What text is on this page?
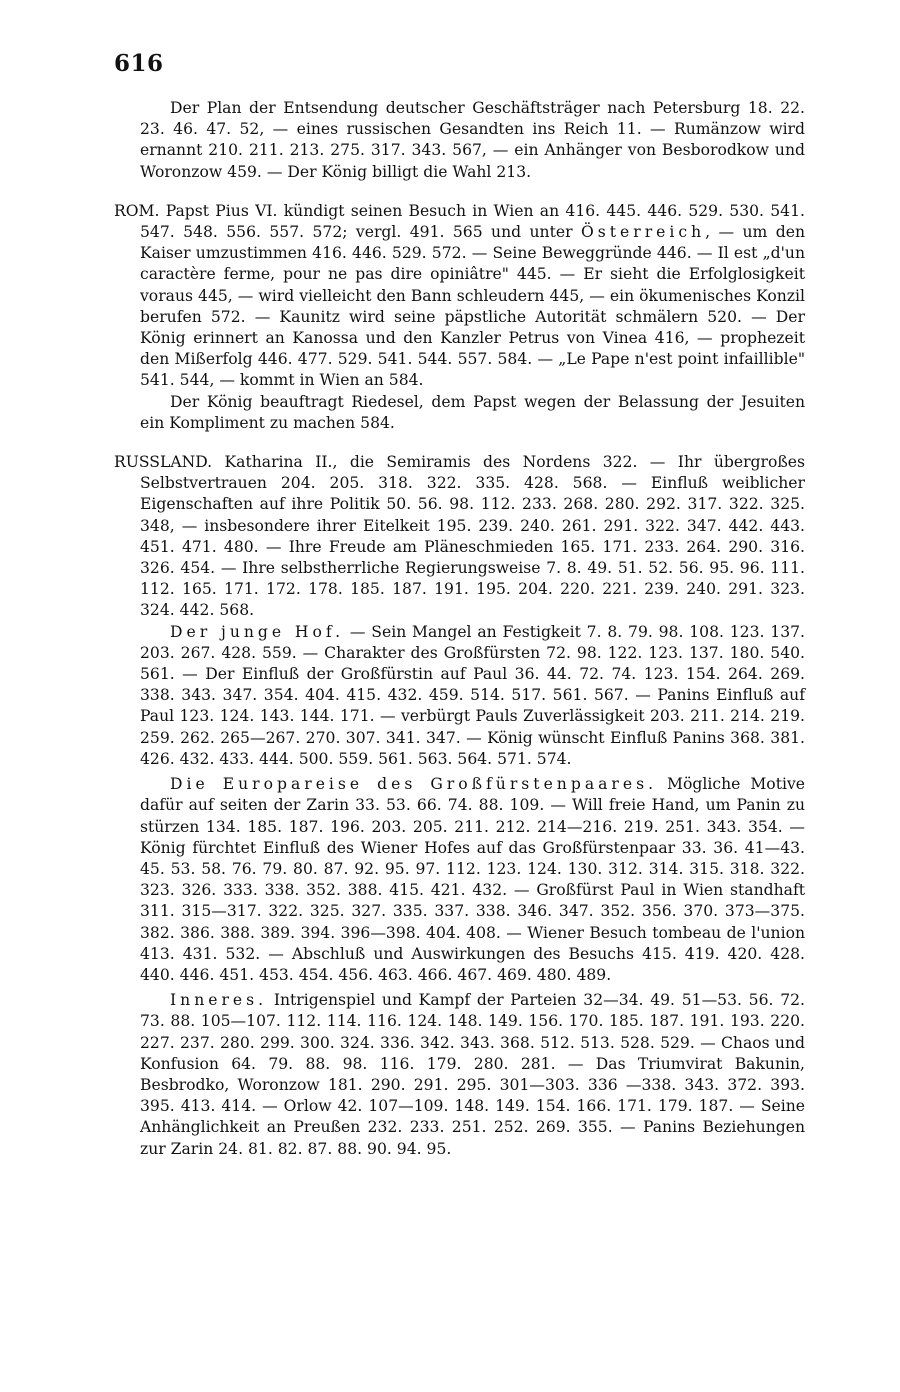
616

Der Plan der Entsendung deutscher Geschäftsträger nach Petersburg 18. 22. 23. 46. 47. 52, — eines russischen Gesandten ins Reich 11. — Rumänzow wird ernannt 210. 211. 213. 275. 317. 343. 567, — ein Anhänger von Besborodkow und Woronzow 459. — Der König billigt die Wahl 213.

ROM. Papst Pius VI. kündigt seinen Besuch in Wien an 416. 445. 446. 529. 530. 541. 547. 548. 556. 557. 572; vergl. 491. 565 und unter Österreich, — um den Kaiser umzustimmen 416. 446. 529. 572. — Seine Beweggründe 446. — Il est „d'un caractère ferme, pour ne pas dire opiniâtre" 445. — Er sieht die Erfolglosigkeit voraus 445, — wird vielleicht den Bann schleudern 445, — ein ökumenisches Konzil berufen 572. — Kaunitz wird seine päpstliche Autorität schmälern 520. — Der König erinnert an Kanossa und den Kanzler Petrus von Vinea 416, — prophezeit den Mißerfolg 446. 477. 529. 541. 544. 557. 584. — „Le Pape n'est point infaillible" 541. 544, — kommt in Wien an 584.

Der König beauftragt Riedesel, dem Papst wegen der Belassung der Jesuiten ein Kompliment zu machen 584.

RUSSLAND. Katharina II., die Semiramis des Nordens 322. — Ihr übergroßes Selbstvertrauen 204. 205. 318. 322. 335. 428. 568. — Einfluß weiblicher Eigenschaften auf ihre Politik 50. 56. 98. 112. 233. 268. 280. 292. 317. 322. 325. 348, — insbesondere ihrer Eitelkeit 195. 239. 240. 261. 291. 322. 347. 442. 443. 451. 471. 480. — Ihre Freude am Pläneschmieden 165. 171. 233. 264. 290. 316. 326. 454. — Ihre selbstherrliche Regierungsweise 7. 8. 49. 51. 52. 56. 95. 96. 111. 112. 165. 171. 172. 178. 185. 187. 191. 195. 204. 220. 221. 239. 240. 291. 323. 324. 442. 568.

Der junge Hof. — Sein Mangel an Festigkeit 7. 8. 79. 98. 108. 123. 137. 203. 267. 428. 559. — Charakter des Großfürsten 72. 98. 122. 123. 137. 180. 540. 561. — Der Einfluß der Großfürstin auf Paul 36. 44. 72. 74. 123. 154. 264. 269. 338. 343. 347. 354. 404. 415. 432. 459. 514. 517. 561. 567. — Panins Einfluß auf Paul 123. 124. 143. 144. 171. — verbürgt Pauls Zuverlässigkeit 203. 211. 214. 219. 259. 262. 265—267. 270. 307. 341. 347. — König wünscht Einfluß Panins 368. 381. 426. 432. 433. 444. 500. 559. 561. 563. 564. 571. 574.

Die Europareise des Großfürstenpaares. Mögliche Motive dafür auf seiten der Zarin 33. 53. 66. 74. 88. 109. — Will freie Hand, um Panin zu stürzen 134. 185. 187. 196. 203. 205. 211. 212. 214—216. 219. 251. 343. 354. — König fürchtet Einfluß des Wiener Hofes auf das Großfürstenpaar 33. 36. 41—43. 45. 53. 58. 76. 79. 80. 87. 92. 95. 97. 112. 123. 124. 130. 312. 314. 315. 318. 322. 323. 326. 333. 338. 352. 388. 415. 421. 432. — Großfürst Paul in Wien standhaft 311. 315—317. 322. 325. 327. 335. 337. 338. 346. 347. 352. 356. 370. 373—375. 382. 386. 388. 389. 394. 396—398. 404. 408. — Wiener Besuch tombeau de l'union 413. 431. 532. — Abschluß und Auswirkungen des Besuchs 415. 419. 420. 428. 440. 446. 451. 453. 454. 456. 463. 466. 467. 469. 480. 489.

Inneres. Intrigenspiel und Kampf der Parteien 32—34. 49. 51—53. 56. 72. 73. 88. 105—107. 112. 114. 116. 124. 148. 149. 156. 170. 185. 187. 191. 193. 220. 227. 237. 280. 299. 300. 324. 336. 342. 343. 368. 512. 513. 528. 529. — Chaos und Konfusion 64. 79. 88. 98. 116. 179. 280. 281. — Das Triumvirat Bakunin, Besbrodko, Woronzow 181. 290. 291. 295. 301—303. 336 —338. 343. 372. 393. 395. 413. 414. — Orlow 42. 107—109. 148. 149. 154. 166. 171. 179. 187. — Seine Anhänglichkeit an Preußen 232. 233. 251. 252. 269. 355. — Panins Beziehungen zur Zarin 24. 81. 82. 87. 88. 90. 94. 95.
